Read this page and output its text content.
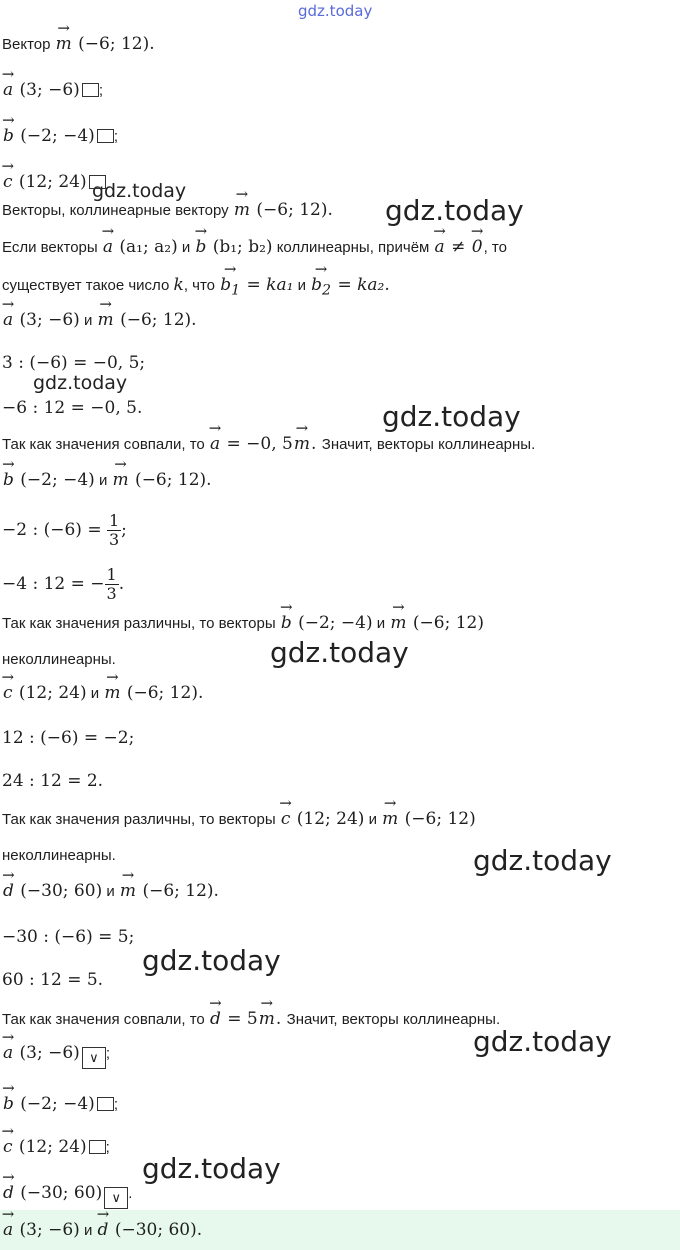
gdz.today
gdz.today
gdz.today
gdz.today
gdz.today
gdz.today
gdz.today
gdz.today
gdz.today
gdz.today
Вектор → m (−6; 12).
→ a (3; −6) ;
→ b (−2; −4) ;
→ c (12; 24)
Векторы, коллинеарные вектору → m (−6; 12).
Если векторы → a (a₁; a₂) и → b (b₁; b₂) коллинеарны, причём → a ≠ → 0, то
существует такое число k, что → $b_1 = ka_1$ $и \to b_2 = ka_2$.
→ a (3; −6) и → m (−6; 12).
3 : (−6) = −0, 5;
−6 : 12 = −0, 5.
Так как значения совпали, то → a = −0, 5→ m. Значит, векторы коллинеарны.
→ b (−2; −4) и → m (−6; 12).
−2 : $(-6) = \frac{1}{3}$ ;
−4 : 12 = − $\frac{1}{3}$ .
Так как значения различны, то векторы → b (−2; −4) и → m (−6; 12)
неколлинеарны.
→ c (12; 24) и → m (−6; 12).
12 : (−6) = −2;
24 : 12 = 2.
Так как значения различны, то векторы → c (12; 24) и → m (−6; 12)
неколлинеарны.
→ d (−30; 60) и → m (−6; 12).
−30 : (−6) = 5;
60 : 12 = 5.
Так как значения совпали, то → d = 5→ m. Значит, векторы коллинеарны.
→ a (3; −6) ∨ ;
→ b (−2; −4) ;
→ c (12; 24) ;
→ d (−30; 60) ∨ .
→ a (3; −6) и → d (−30; 60).
